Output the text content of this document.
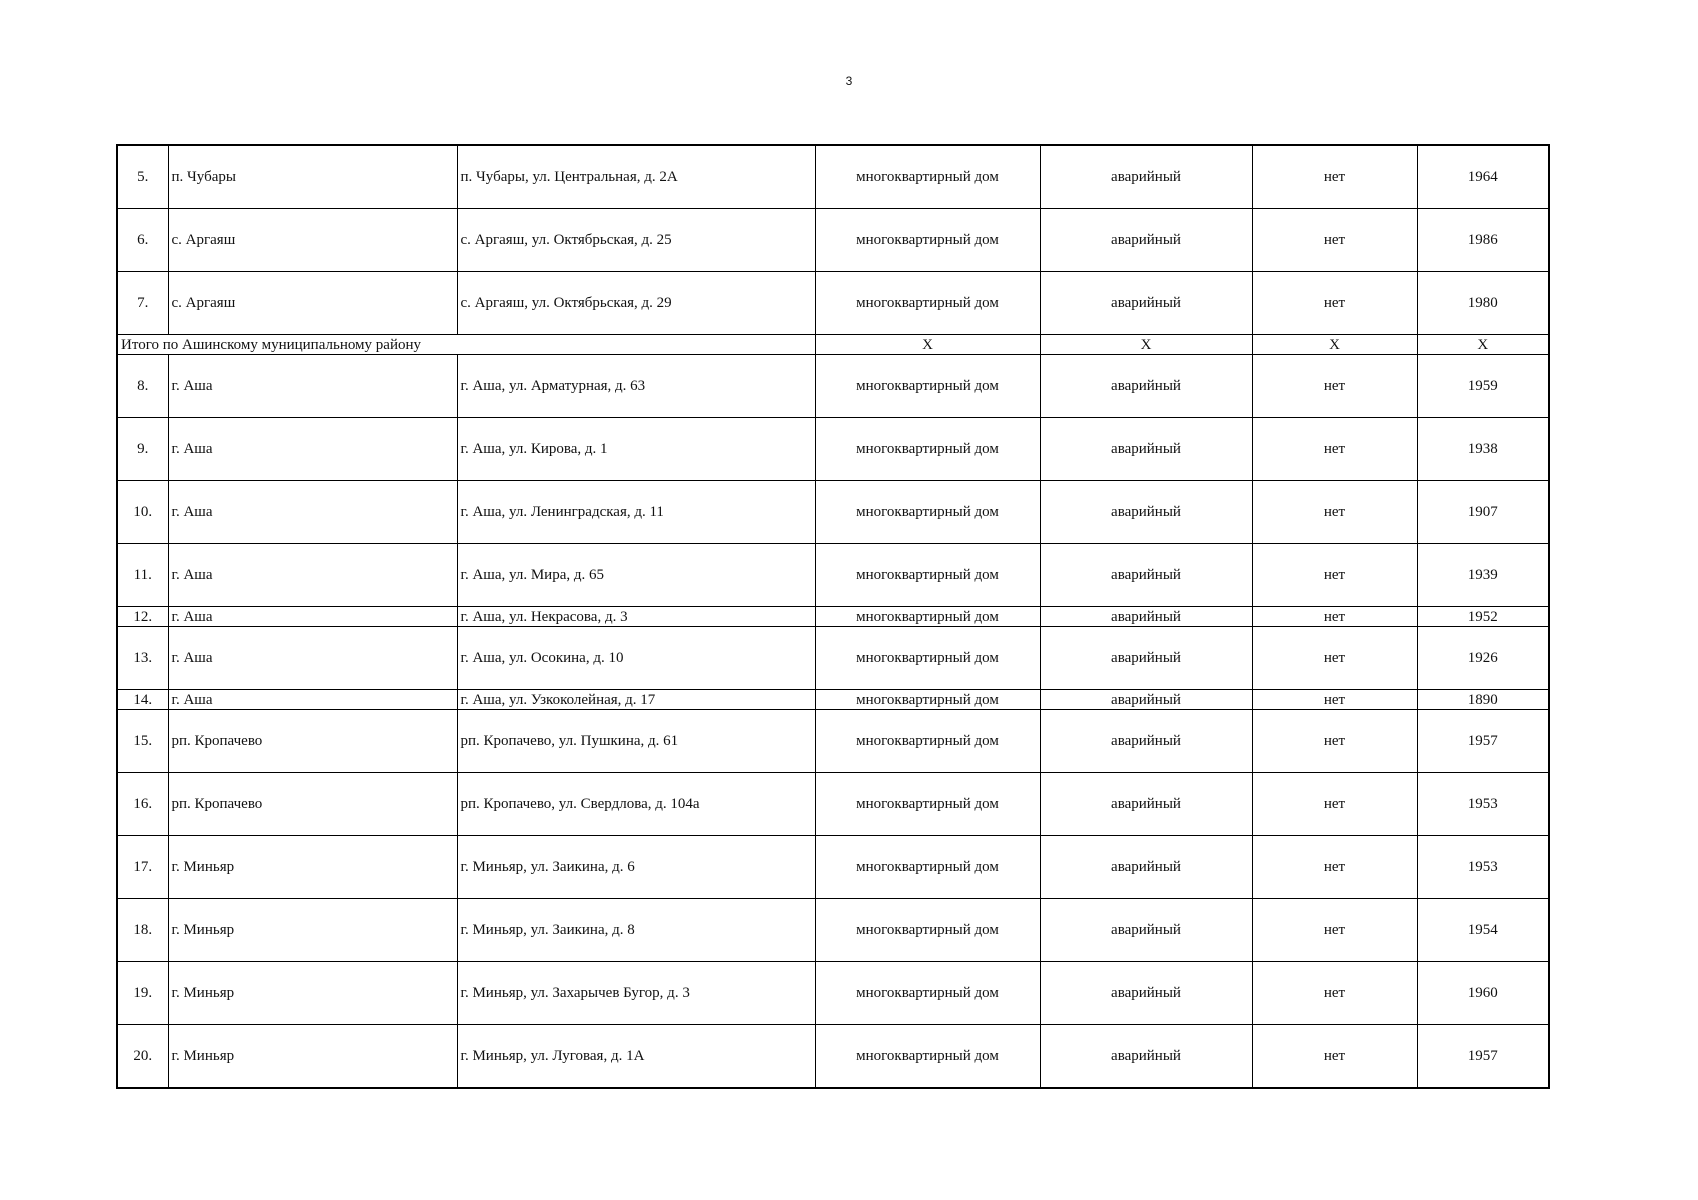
3
5.	п. Чубары	п. Чубары, ул. Центральная, д. 2А	многоквартирный дом	аварийный	нет	1964
6.	с. Аргаяш	с. Аргаяш, ул. Октябрьская, д. 25	многоквартирный дом	аварийный	нет	1986
7.	с. Аргаяш	с. Аргаяш, ул. Октябрьская, д. 29	многоквартирный дом	аварийный	нет	1980
Итого по Ашинскому муниципальному району			Х	Х	Х	Х
8.	г. Аша	г. Аша, ул. Арматурная, д. 63	многоквартирный дом	аварийный	нет	1959
9.	г. Аша	г. Аша, ул. Кирова, д. 1	многоквартирный дом	аварийный	нет	1938
10.	г. Аша	г. Аша, ул. Ленинградская, д. 11	многоквартирный дом	аварийный	нет	1907
11.	г. Аша	г. Аша, ул. Мира, д. 65	многоквартирный дом	аварийный	нет	1939
12.	г. Аша	г. Аша, ул. Некрасова, д. 3	многоквартирный дом	аварийный	нет	1952
13.	г. Аша	г. Аша, ул. Осокина, д. 10	многоквартирный дом	аварийный	нет	1926
14.	г. Аша	г. Аша, ул. Узкоколейная, д. 17	многоквартирный дом	аварийный	нет	1890
15.	рп. Кропачево	рп. Кропачево, ул. Пушкина, д. 61	многоквартирный дом	аварийный	нет	1957
16.	рп. Кропачево	рп. Кропачево, ул. Свердлова, д. 104а	многоквартирный дом	аварийный	нет	1953
17.	г. Миньяр	г. Миньяр, ул. Заикина, д. 6	многоквартирный дом	аварийный	нет	1953
18.	г. Миньяр	г. Миньяр, ул. Заикина, д. 8	многоквартирный дом	аварийный	нет	1954
19.	г. Миньяр	г. Миньяр, ул. Захарычев Бугор, д. 3	многоквартирный дом	аварийный	нет	1960
20.	г. Миньяр	г. Миньяр, ул. Луговая, д. 1А	многоквартирный дом	аварийный	нет	1957
